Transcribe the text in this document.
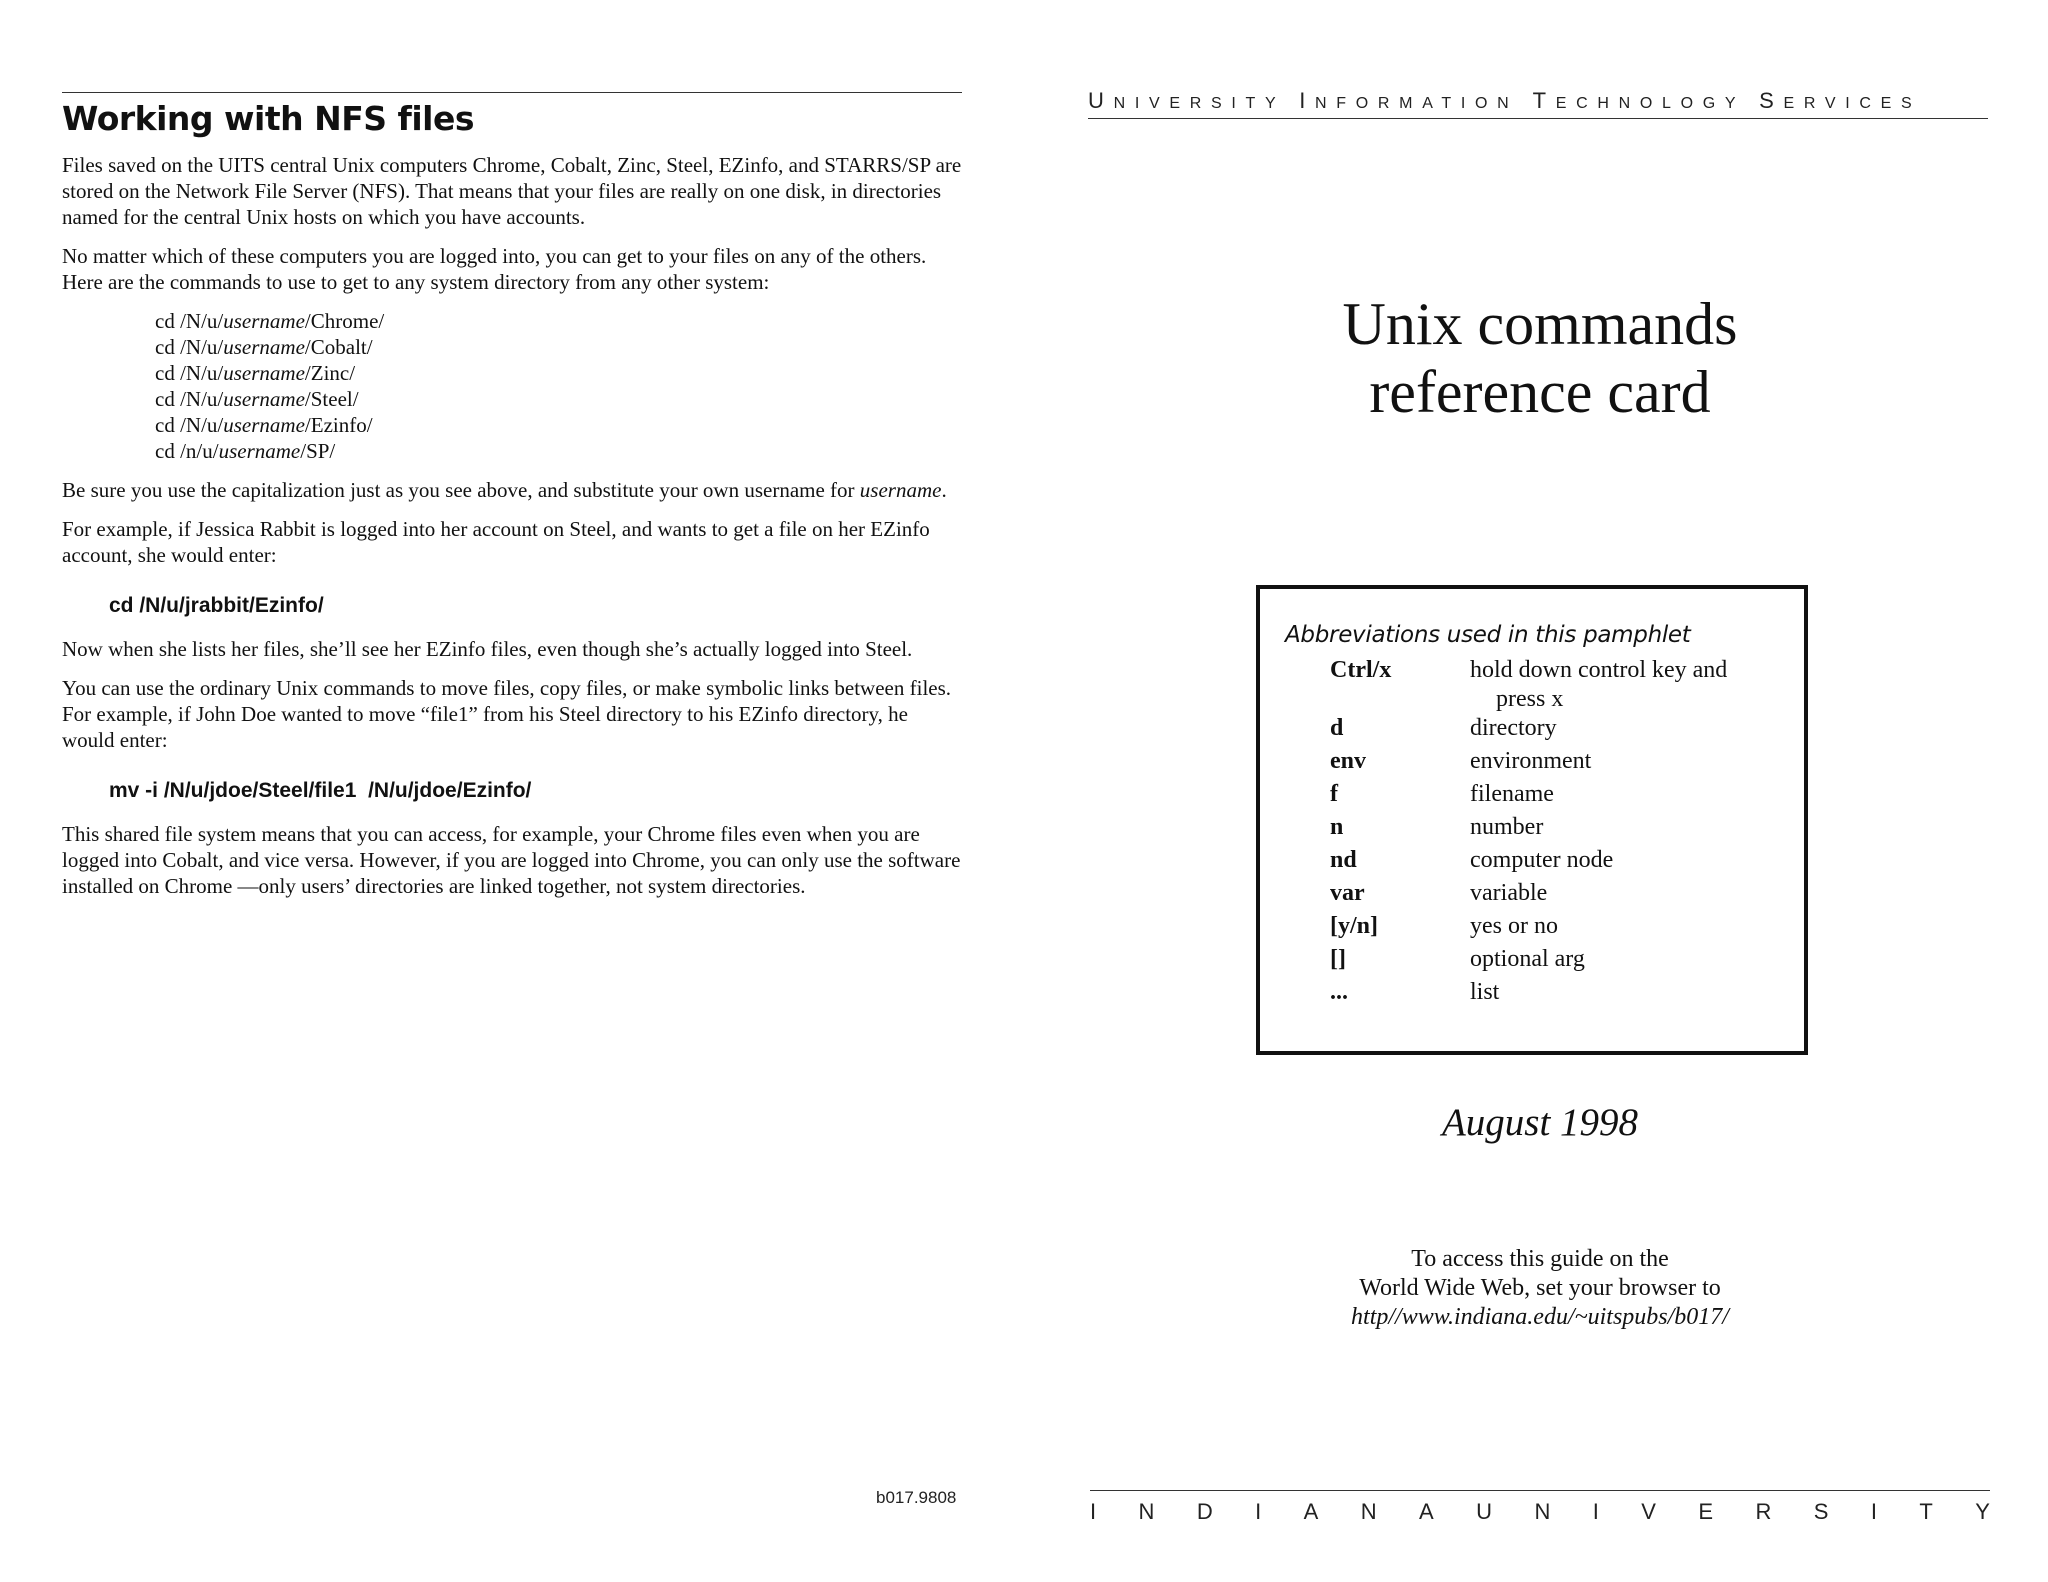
Working with NFS files

Files saved on the UITS central Unix computers Chrome, Cobalt, Zinc, Steel, EZinfo, and STARRS/SP are stored on the Network File Server (NFS). That means that your files are really on one disk, in directories named for the central Unix hosts on which you have accounts.

No matter which of these computers you are logged into, you can get to your files on any of the others. Here are the commands to use to get to any system directory from any other system:

cd /N/u/username/Chrome/
cd /N/u/username/Cobalt/
cd /N/u/username/Zinc/
cd /N/u/username/Steel/
cd /N/u/username/Ezinfo/
cd /n/u/username/SP/

Be sure you use the capitalization just as you see above, and substitute your own username for username.

For example, if Jessica Rabbit is logged into her account on Steel, and wants to get a file on her EZinfo account, she would enter:

cd /N/u/jrabbit/Ezinfo/

Now when she lists her files, she’ll see her EZinfo files, even though she’s actually logged into Steel.

You can use the ordinary Unix commands to move files, copy files, or make symbolic links between files. For example, if John Doe wanted to move “file1” from his Steel directory to his EZinfo directory, he would enter:

mv -i /N/u/jdoe/Steel/file1  /N/u/jdoe/Ezinfo/

This shared file system means that you can access, for example, your Chrome files even when you are logged into Cobalt, and vice versa. However, if you are logged into Chrome, you can only use the software installed on Chrome —only users’ directories are linked together, not system directories.

b017.9808
UNIVERSITY INFORMATION TECHNOLOGY SERVICES
Unix commands
reference card
Abbreviations used in this pamphlet
Ctrl/x	hold down control key and
press x

d	directory
env	environment
f	filename
n	number
nd	computer node
var	variable
[y/n]	yes or no
[]	optional arg
...	list
August 1998
To access this guide on the
World Wide Web, set your browser to
http//www.indiana.edu/~uitspubs/b017/
I N D I A N A U N I V E R S I T Y
